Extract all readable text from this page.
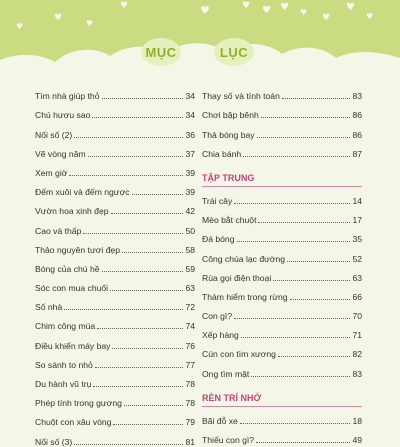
♥	♥	♥ ♥ ♥ ♥
♥
♥
♥
♥
♥
♥
MỤC	LỤC
Tìm nhà giúp thỏ	34
Chú hươu sao	34
Nối số (2)	36
Vẽ vòng năm	37
Xem giờ	39
Đếm xuôi và đếm ngược	39
Vườn hoa xinh đẹp	42
Cao và thấp	50
Thảo nguyên tươi đẹp	58
Bóng của chú hề	59
Sóc con mua chuối	63
Số nhà	72
Chim công múa	74
Điều khiển máy bay	76
So sánh to nhỏ	77
Du hành vũ trụ	78
Phép tính trong gương	78
Chuột con xâu vòng	79
Nối số (3)	81
Thay số và tính toán	83
Chơi bập bênh	86
Thả bóng bay	86
Chia bánh	87
TẬP TRUNG
Trái cây	14
Mèo bắt chuột	17
Đá bóng	35
Công chúa lạc đường	52
Rùa gọi điện thoại	63
Thám hiểm trong rừng	66
Con gì?	70
Xếp hàng	71
Cún con tìm xương	82
Ong tìm mật	83
RÈN TRÍ NHỚ
Bãi đỗ xe	18
Thiếu con gì?	49
